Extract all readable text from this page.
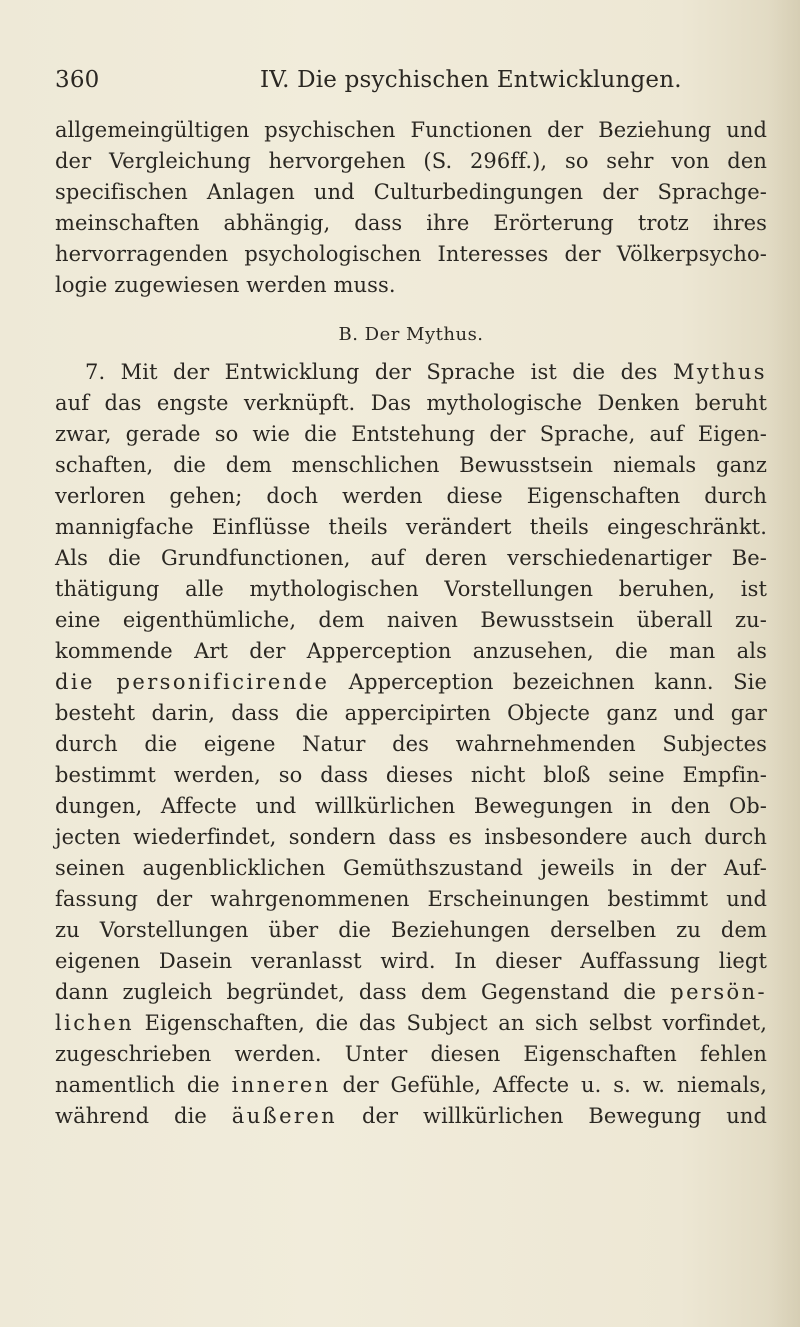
360	IV. Die psychischen Entwicklungen.
allgemeingültigen psychischen Functionen der Beziehung und
der Vergleichung hervorgehen (S. 296ff.), so sehr von den
specifischen Anlagen und Culturbedingungen der Sprachge-
meinschaften abhängig, dass ihre Erörterung trotz ihres
hervorragenden psychologischen Interesses der Völkerpsycho-
logie zugewiesen werden muss.
B. Der Mythus.
7. Mit der Entwicklung der Sprache ist die des Mythus
auf das engste verknüpft. Das mythologische Denken beruht
zwar, gerade so wie die Entstehung der Sprache, auf Eigen-
schaften, die dem menschlichen Bewusstsein niemals ganz
verloren gehen; doch werden diese Eigenschaften durch
mannigfache Einflüsse theils verändert theils eingeschränkt.
Als die Grundfunctionen, auf deren verschiedenartiger Be-
thätigung alle mythologischen Vorstellungen beruhen, ist
eine eigenthümliche, dem naiven Bewusstsein überall zu-
kommende Art der Apperception anzusehen, die man als
die personificirende Apperception bezeichnen kann. Sie
besteht darin, dass die appercipirten Objecte ganz und gar
durch die eigene Natur des wahrnehmenden Subjectes
bestimmt werden, so dass dieses nicht bloß seine Empfin-
dungen, Affecte und willkürlichen Bewegungen in den Ob-
jecten wiederfindet, sondern dass es insbesondere auch durch
seinen augenblicklichen Gemüthszustand jeweils in der Auf-
fassung der wahrgenommenen Erscheinungen bestimmt und
zu Vorstellungen über die Beziehungen derselben zu dem
eigenen Dasein veranlasst wird. In dieser Auffassung liegt
dann zugleich begründet, dass dem Gegenstand die persön-
lichen Eigenschaften, die das Subject an sich selbst vorfindet,
zugeschrieben werden. Unter diesen Eigenschaften fehlen
namentlich die inneren der Gefühle, Affecte u. s. w. niemals,
während die äußeren der willkürlichen Bewegung und
